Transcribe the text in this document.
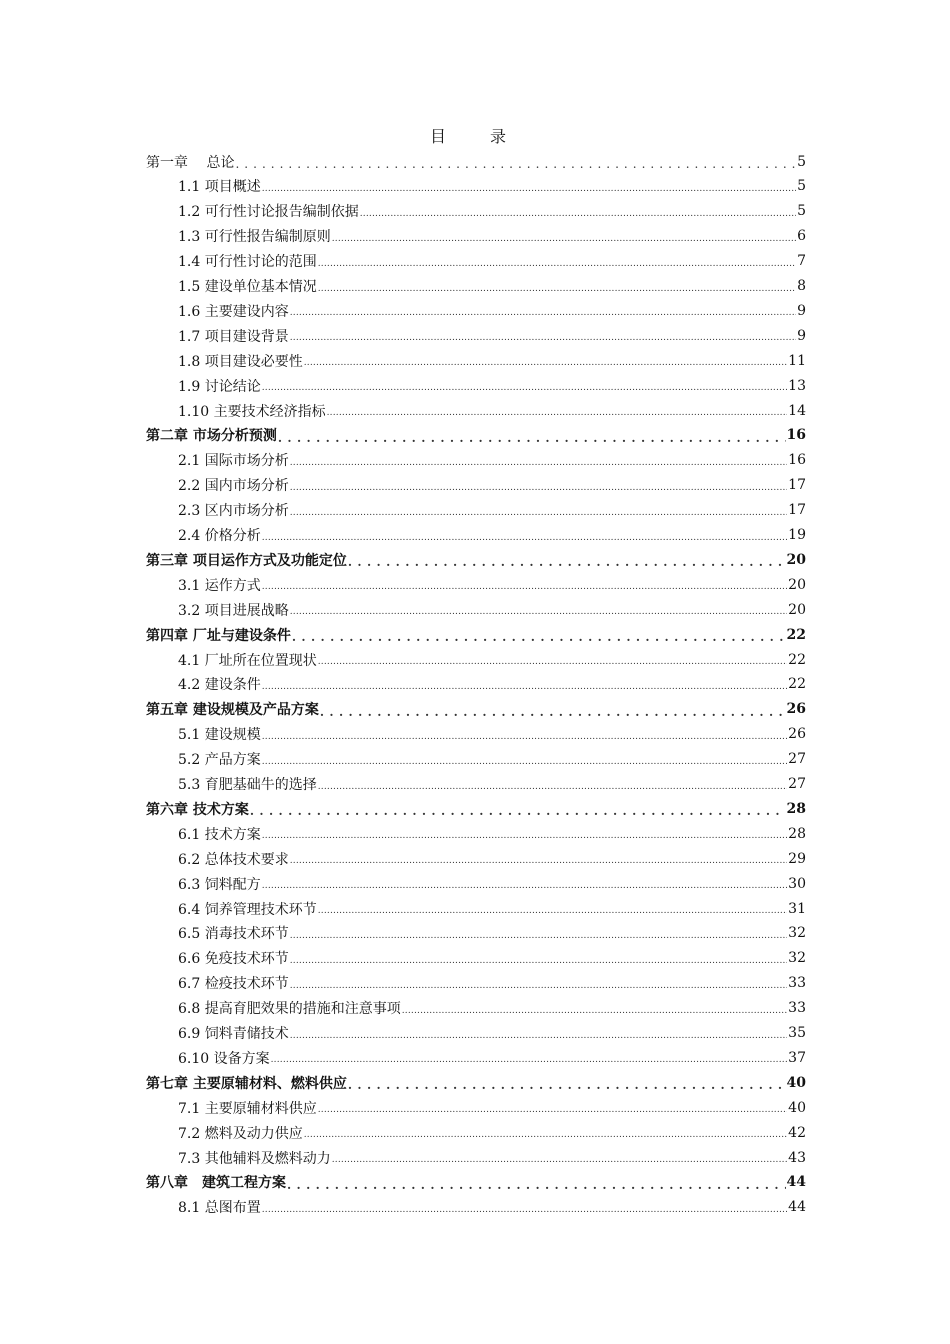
目　录
第一章　 总论 . . .	5
1.1 项目概述 .....	5
1.2 可行性讨论报告编制依据 .....	5
1.3 可行性报告编制原则 .....	6
1.4 可行性讨论的范围 .....	7
1.5 建设单位基本情况 .....	8
1.6 主要建设内容 .....	9
1.7 项目建设背景 .....	9
1.8 项目建设必要性 .....	11
1.9 讨论结论 .....	13
1.10 主要技术经济指标 .....	14
第二章 市场分析预测 . . .	16
2.1 国际市场分析 .....	16
2.2 国内市场分析 .....	17
2.3 区内市场分析 .....	17
2.4 价格分析 .....	19
第三章 项目运作方式及功能定位 . . .	20
3.1 运作方式 .....	20
3.2 项目进展战略 .....	20
第四章 厂址与建设条件 . . .	22
4.1 厂址所在位置现状 .....	22
4.2 建设条件 .....	22
第五章 建设规模及产品方案 . . .	26
5.1 建设规模 .....	26
5.2 产品方案 .....	27
5.3 育肥基础牛的选择 .....	27
第六章 技术方案 . . .	28
6.1 技术方案 .....	28
6.2 总体技术要求 .....	29
6.3 饲料配方 .....	30
6.4 饲养管理技术环节 .....	31
6.5 消毒技术环节 .....	32
6.6 免疫技术环节 .....	32
6.7 检疫技术环节 .....	33
6.8 提高育肥效果的措施和注意事项 .....	33
6.9 饲料青储技术 .....	35
6.10 设备方案 .....	37
第七章 主要原辅材料、燃料供应 . . .	40
7.1 主要原辅材料供应 .....	40
7.2 燃料及动力供应 .....	42
7.3 其他辅料及燃料动力 .....	43
第八章　建筑工程方案 . . .	44
8.1 总图布置 .....	44
